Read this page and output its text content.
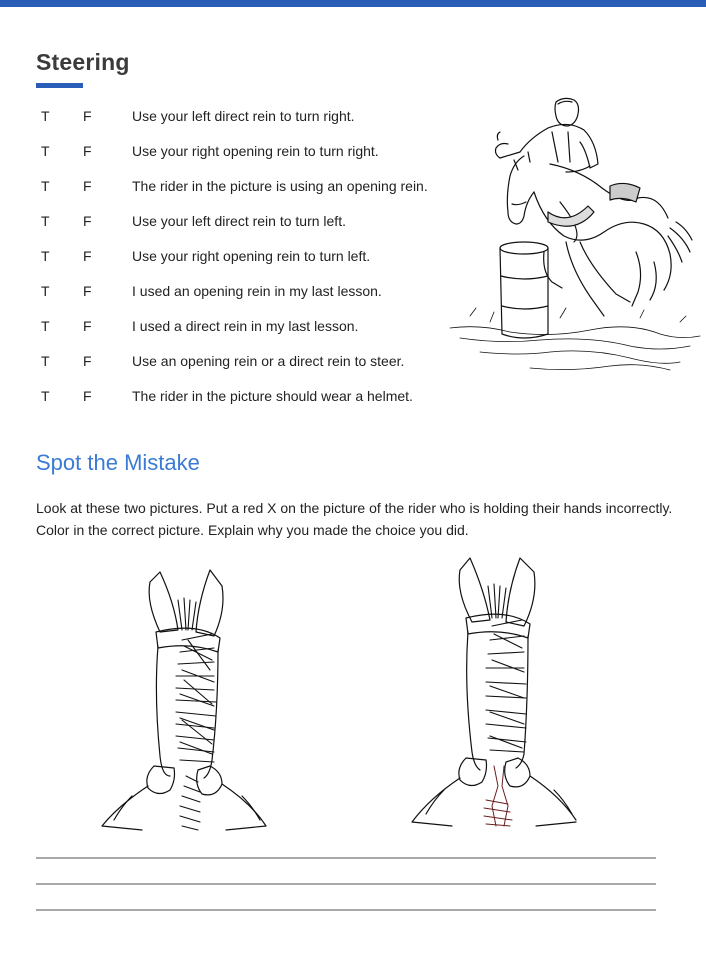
Steering
T F	Use your left direct rein to turn right.
T F	Use your right opening rein to turn right.
T F	The rider in the picture is using an opening rein.
T F	Use your left direct rein to turn left.
T F	Use your right opening rein to turn left.
T F	I used an opening rein in my last lesson.
T F	I used a direct rein in my last lesson.
T F	Use an opening rein or a direct rein to steer.
T F	The rider in the picture should wear a helmet.
Spot the Mistake

Look at these two pictures. Put a red X on the picture of the rider who is holding their hands incorrectly. Color in the correct picture. Explain why you made the choice you did.
